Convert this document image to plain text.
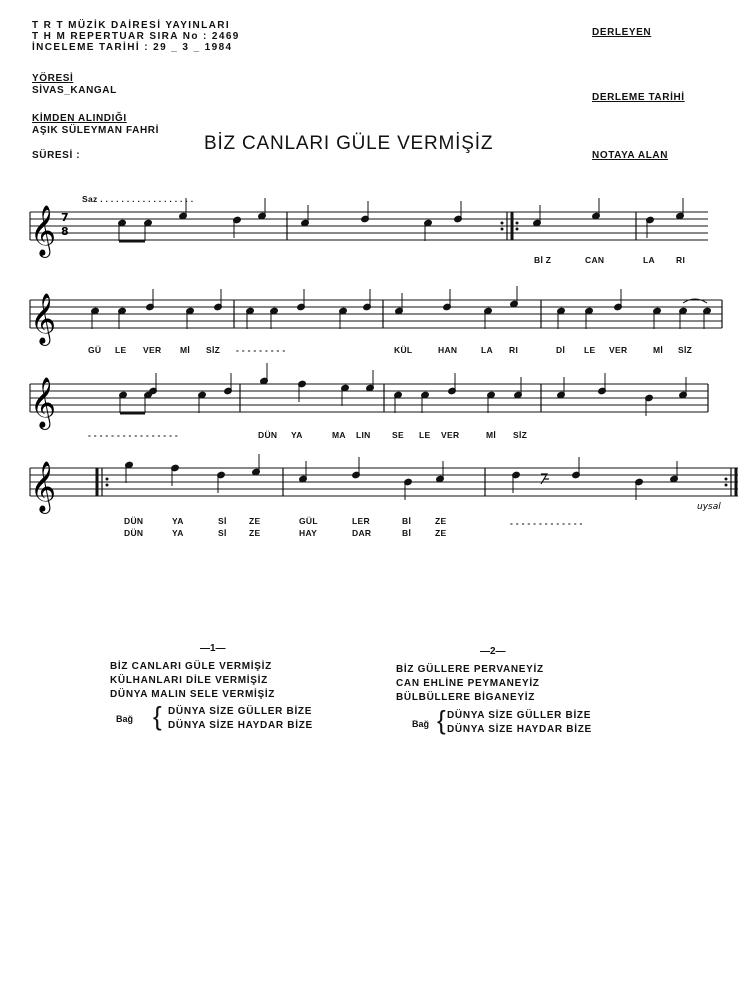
T R T MÜZİK DAİRESİ YAYINLARI
T H M REPERTUAR SIRA No : 2469
İNCELEME TARİHİ : 29 _ 3 _ 1984
YÖRESİ
SİVAS_KANGAL
KİMDEN ALINDIĞI
AŞIK SÜLEYMAN FAHRİ
SÜRESİ :
DERLEYEN
DERLEME TARİHİ
NOTAYA ALAN
BİZ CANLARI GÜLE VERMİŞİZ
𝄞 7
8
Saz . . . . . . . . . . . . . . . . . .
Bİ Z	CAN	LA RI
𝄞
GÜ LE VER Mİ SİZ - - - - - - - - -	KÜL	HAN	LA RI	Dİ LE VER	Mİ SİZ
𝄞
- - - - - - - - - - - - - - - -	DÜN YA	MA LIN	SE LE VER	Mİ SİZ
𝄞	uysal
DÜN	YA	Sİ	ZE	GÜL	LER	Bİ	ZE	- - - - - - - - - - - - -
DÜN	YA	Sİ	ZE	HAY	DAR	Bİ	ZE
—1—
BİZ CANLARI GÜLE VERMİŞİZ
KÜLHANLARI DİLE VERMİŞİZ
DÜNYA MALIN SELE VERMİŞİZ
Bağ { DÜNYA SİZE GÜLLER BİZE
DÜNYA SİZE HAYDAR BİZE
—2—
BİZ GÜLLERE PERVANEYİZ
CAN EHLİNE PEYMANEYİZ
BÜLBÜLLERE BİGANEYİZ
Bağ { DÜNYA SİZE GÜLLER BİZE
DÜNYA SİZE HAYDAR BİZE
